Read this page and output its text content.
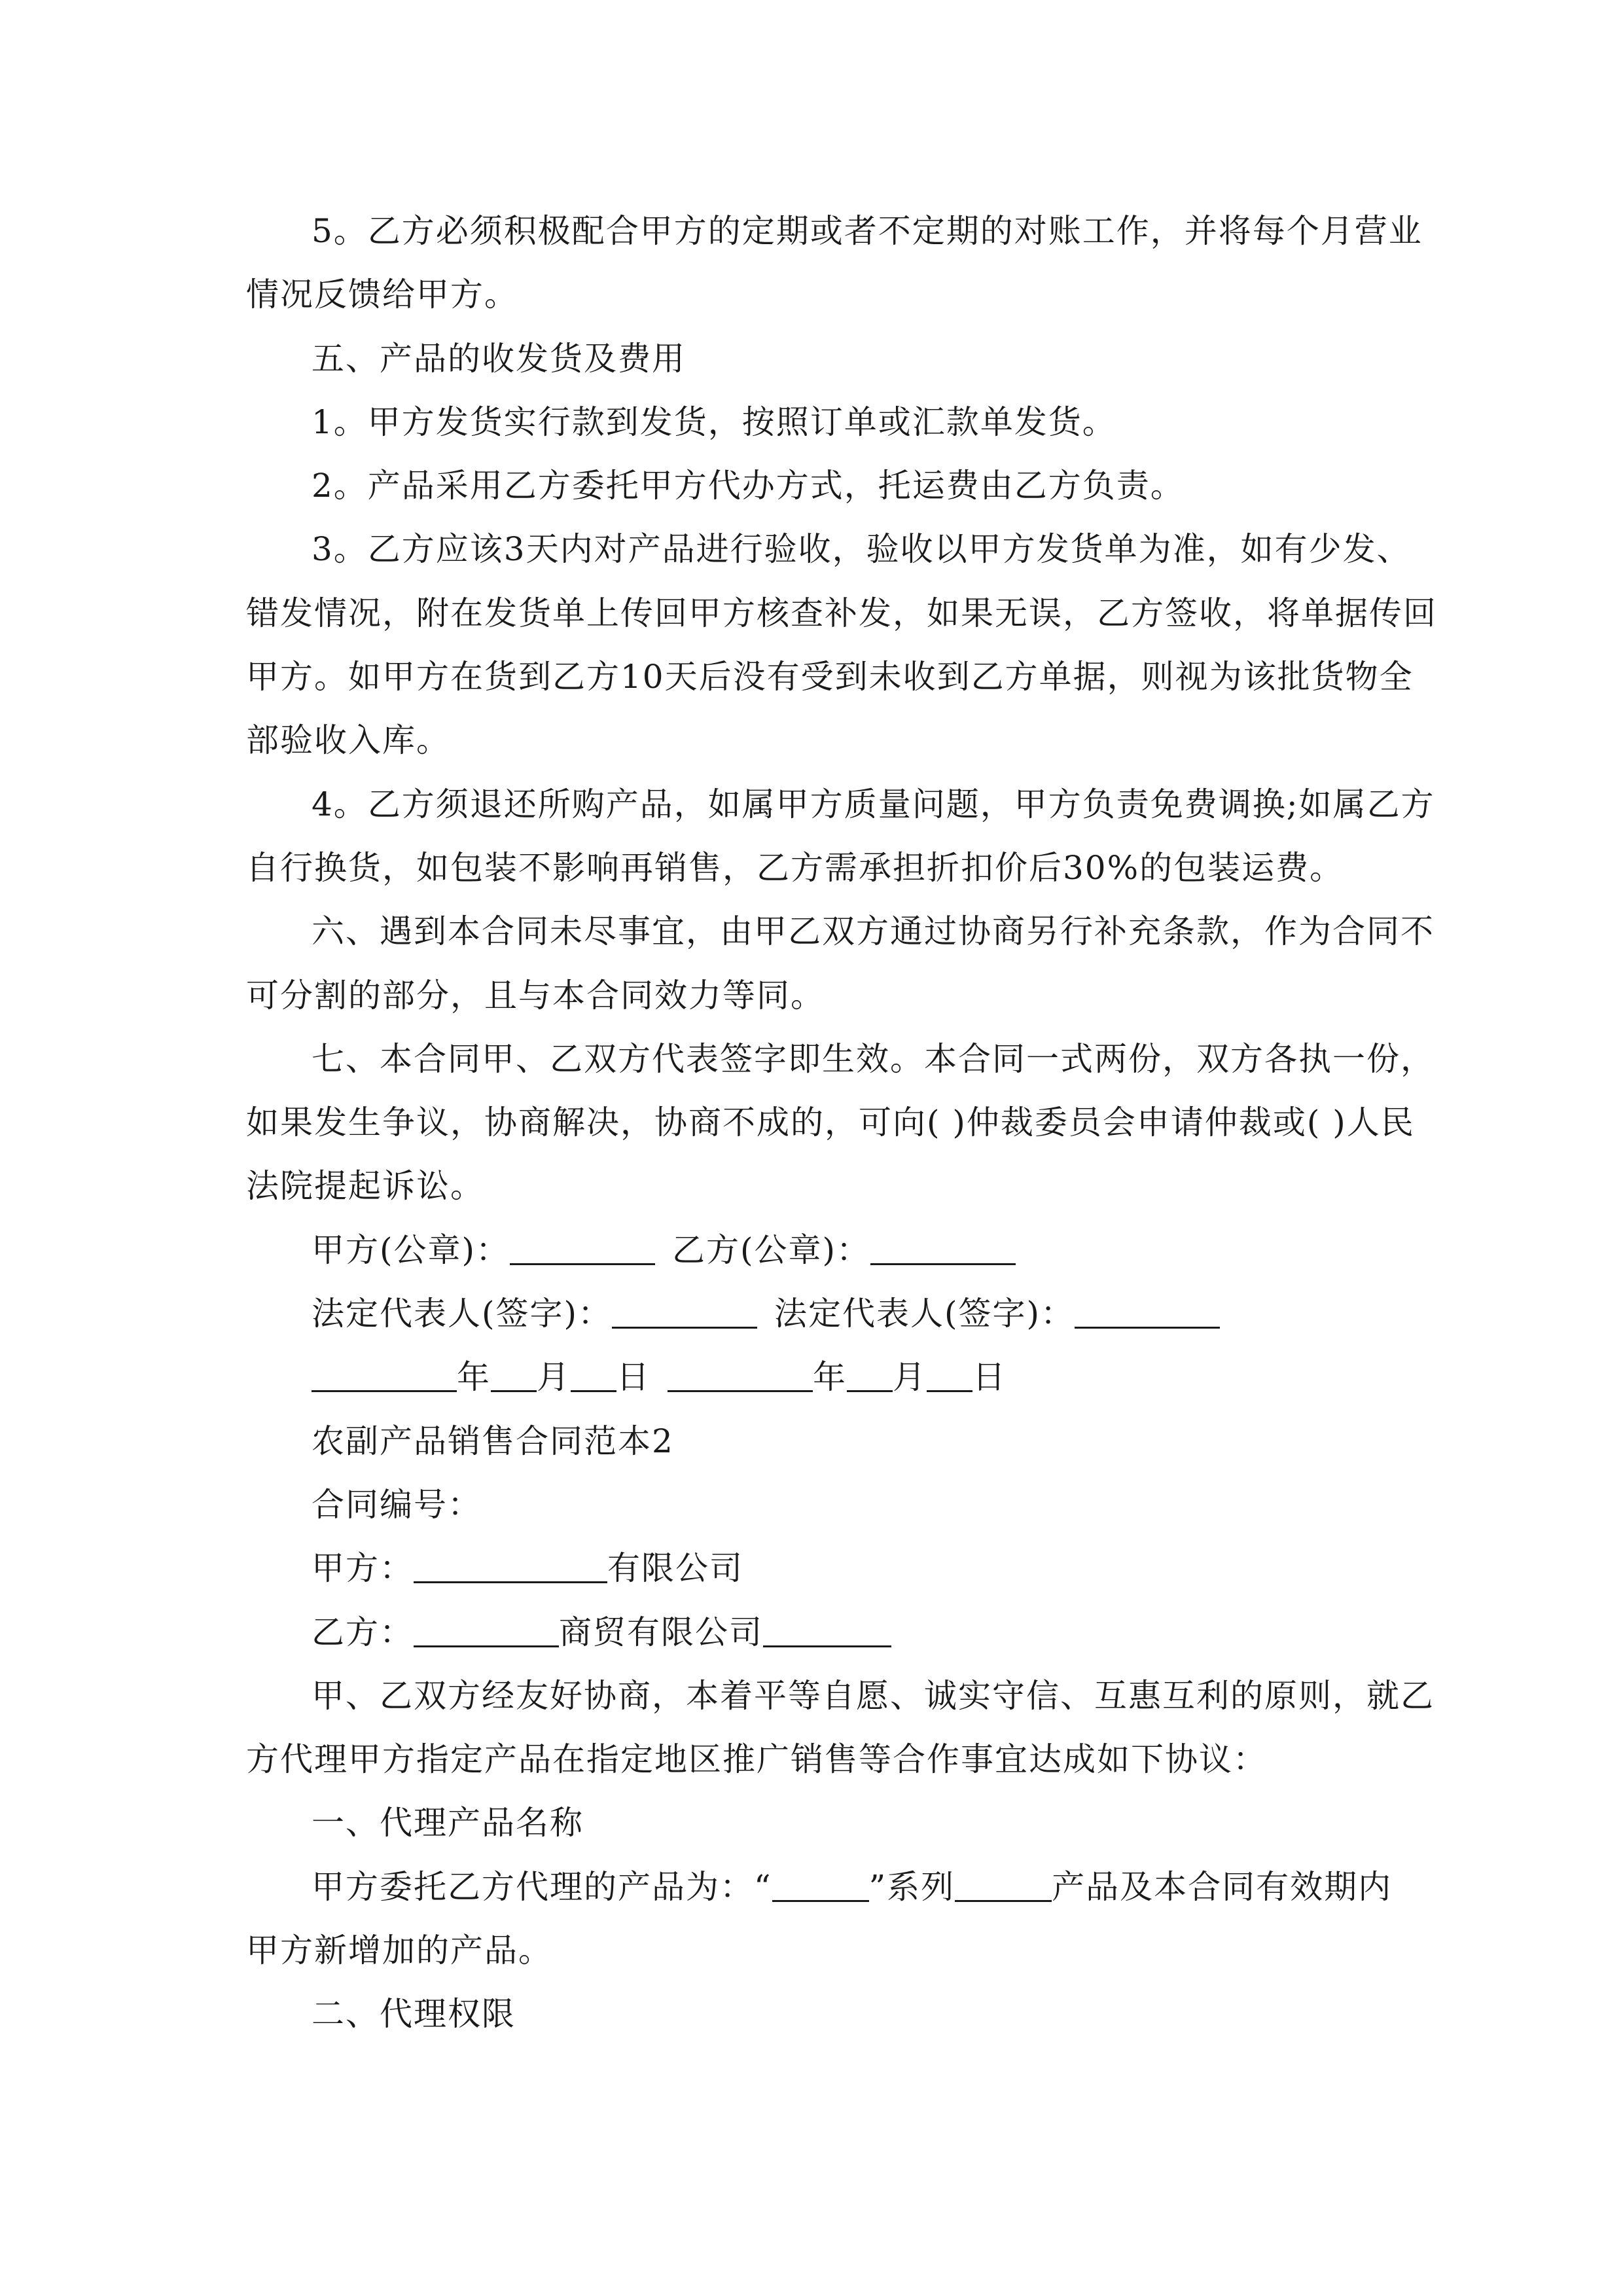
5。乙方必须积极配合甲方的定期或者不定期的对账工作，并将每个月营业

情况反馈给甲方。

五、产品的收发货及费用

1。甲方发货实行款到发货，按照订单或汇款单发货。

2。产品采用乙方委托甲方代办方式，托运费由乙方负责。

3。乙方应该3天内对产品进行验收，验收以甲方发货单为准，如有少发、

错发情况，附在发货单上传回甲方核查补发，如果无误，乙方签收，将单据传回

甲方。如甲方在货到乙方10天后没有受到未收到乙方单据，则视为该批货物全

部验收入库。

4。乙方须退还所购产品，如属甲方质量问题，甲方负责免费调换;如属乙方

自行换货，如包装不影响再销售，乙方需承担折扣价后30%的包装运费。

六、遇到本合同未尽事宜，由甲乙双方通过协商另行补充条款，作为合同不

可分割的部分，且与本合同效力等同。

七、本合同甲、乙双方代表签字即生效。本合同一式两份，双方各执一份，

如果发生争议，协商解决，协商不成的，可向( )仲裁委员会申请仲裁或( )人民

法院提起诉讼。

甲方(公章)：	乙方(公章)：

法定代表人(签字)：	法定代表人(签字)：

年 月 日	年 月 日

农副产品销售合同范本2

合同编号：

甲方：	有限公司

乙方：	商贸有限公司

甲、乙双方经友好协商，本着平等自愿、诚实守信、互惠互利的原则，就乙

方代理甲方指定产品在指定地区推广销售等合作事宜达成如下协议：

一、代理产品名称

甲方委托乙方代理的产品为：“	”系列	产品及本合同有效期内

甲方新增加的产品。

二、代理权限
